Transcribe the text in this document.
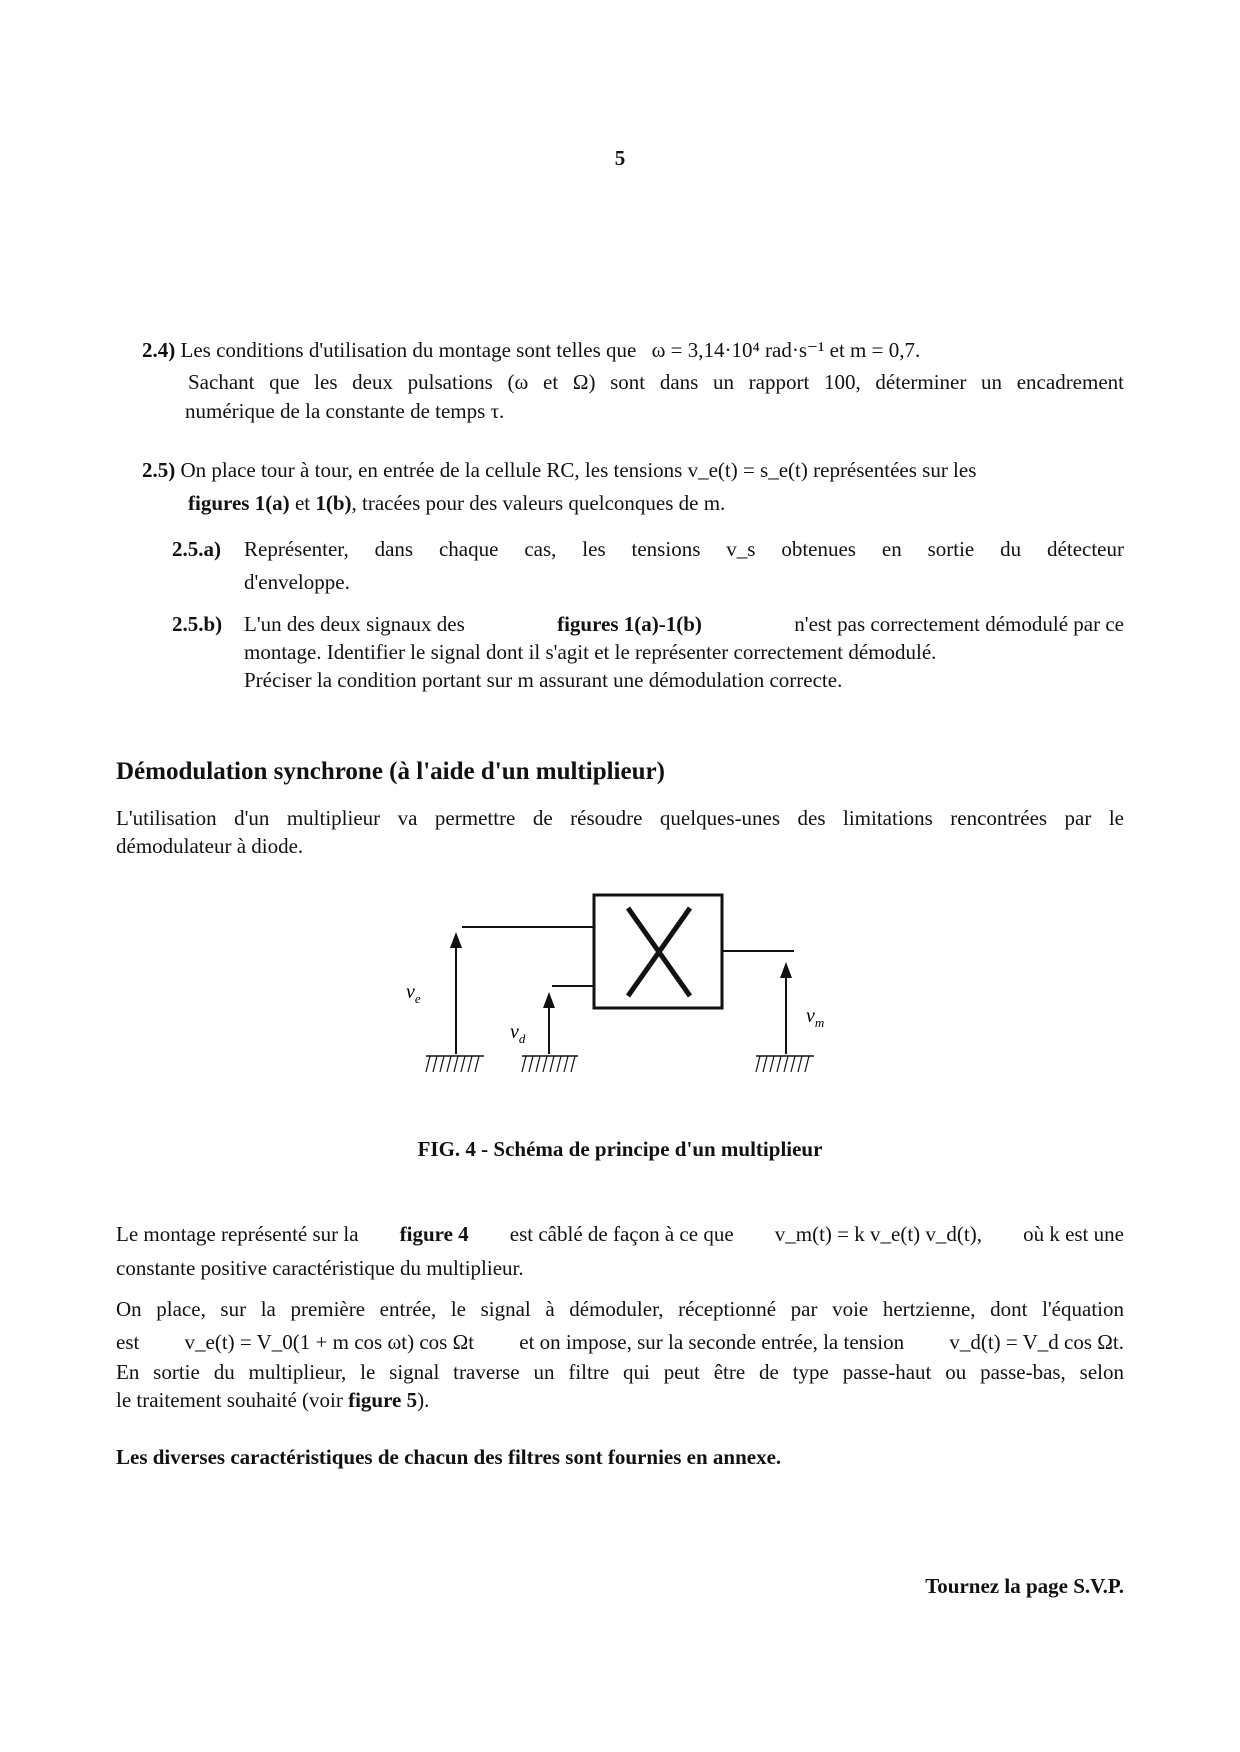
5
2.4) Les conditions d'utilisation du montage sont telles que ω = 3,14·10⁴ rad·s⁻¹ et m = 0,7.
Sachant que les deux pulsations (ω et Ω) sont dans un rapport 100, déterminer un encadrement
numérique de la constante de temps τ.
2.5) On place tour à tour, en entrée de la cellule RC, les tensions v_e(t) = s_e(t) représentées sur les
figures 1(a) et 1(b), tracées pour des valeurs quelconques de m.
2.5.a) Représenter, dans chaque cas, les tensions v_s obtenues en sortie du détecteur
d'enveloppe.
2.5.b) L'un des deux signaux des	figures 1(a)-1(b)	n'est pas correctement démodulé par ce
montage. Identifier le signal dont il s'agit et le représenter correctement démodulé.
Préciser la condition portant sur m assurant une démodulation correcte.
Démodulation synchrone (à l'aide d'un multiplieur)
L'utilisation d'un multiplieur va permettre de résoudre quelques-unes des limitations rencontrées par le
démodulateur à diode.
$v_e$
$v_d$
$v_m$
FIG. 4 - Schéma de principe d'un multiplieur
Le montage représenté sur la figure 4 est câblé de façon à ce que v_m(t) = k v_e(t) v_d(t), où k est une
constante positive caractéristique du multiplieur.
On place, sur la première entrée, le signal à démoduler, réceptionné par voie hertzienne, dont l'équation
est v_e(t) = V_0(1 + m cos ωt) cos Ωt et on impose, sur la seconde entrée, la tension v_d(t) = V_d cos Ωt.
En sortie du multiplieur, le signal traverse un filtre qui peut être de type passe-haut ou passe-bas, selon
le traitement souhaité (voir figure 5).
Les diverses caractéristiques de chacun des filtres sont fournies en annexe.
Tournez la page S.V.P.
